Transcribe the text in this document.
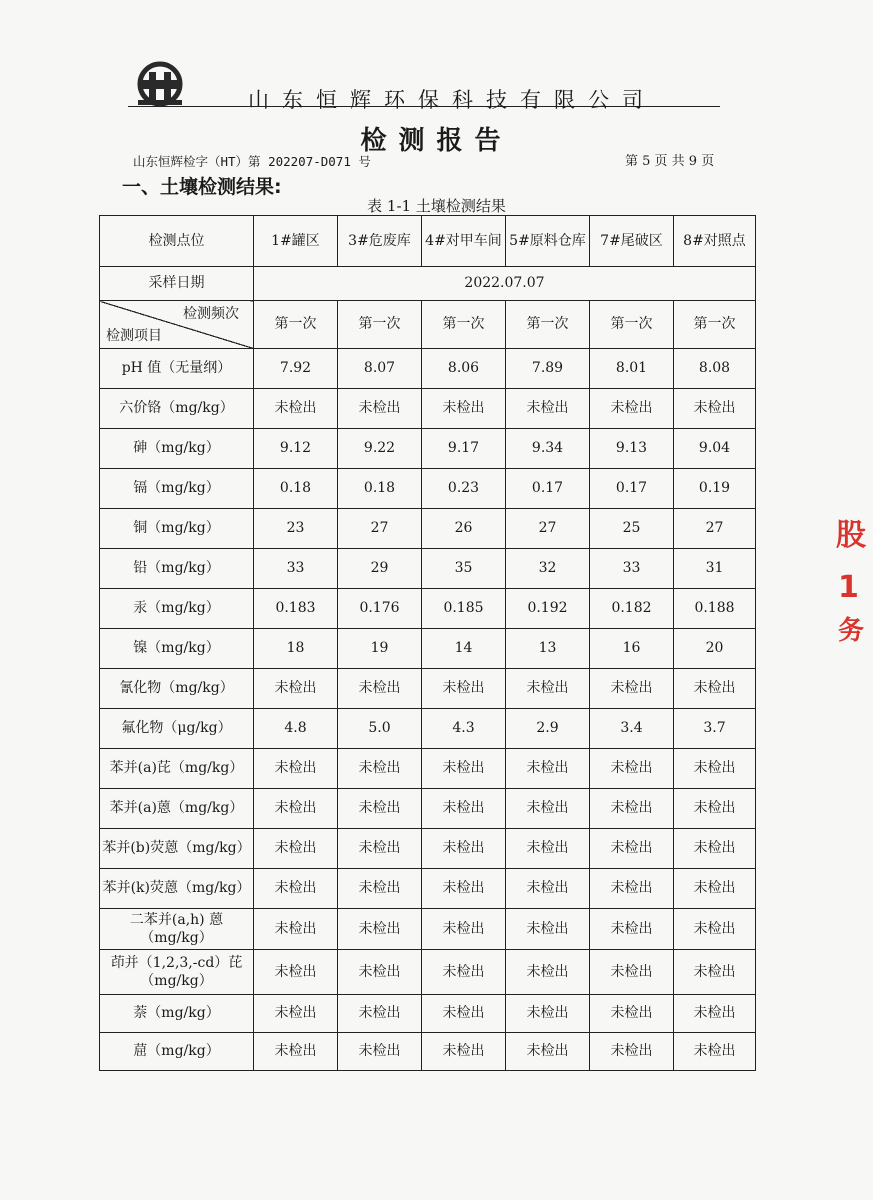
山东恒辉环保科技有限公司
检测报告
山东恒辉检字（HT）第 202207-D071 号	第 5 页 共 9 页
一、土壤检测结果:
表 1-1 土壤检测结果
股
1
务
检测点位	1#罐区	3#危废库	4#对甲车间	5#原料仓库	7#尾破区	8#对照点
采样日期	2022.07.07					

检测频次
检测项目	第一次	第一次	第一次	第一次	第一次	第一次
pH 值（无量纲）	7.92	8.07	8.06	7.89	8.01	8.08
六价铬（mg/kg）	未检出	未检出	未检出	未检出	未检出	未检出
砷（mg/kg）	9.12	9.22	9.17	9.34	9.13	9.04
镉（mg/kg）	0.18	0.18	0.23	0.17	0.17	0.19
铜（mg/kg）	23	27	26	27	25	27
铅（mg/kg）	33	29	35	32	33	31
汞（mg/kg）	0.183	0.176	0.185	0.192	0.182	0.188
镍（mg/kg）	18	19	14	13	16	20
氰化物（mg/kg）	未检出	未检出	未检出	未检出	未检出	未检出
氟化物（μg/kg）	4.8	5.0	4.3	2.9	3.4	3.7
苯并(a)芘（mg/kg）	未检出	未检出	未检出	未检出	未检出	未检出
苯并(a)蒽（mg/kg）	未检出	未检出	未检出	未检出	未检出	未检出
苯并(b)荧蒽（mg/kg）	未检出	未检出	未检出	未检出	未检出	未检出
苯并(k)荧蒽（mg/kg）	未检出	未检出	未检出	未检出	未检出	未检出
二苯并(a,h) 蒽（mg/kg）	未检出	未检出	未检出	未检出	未检出	未检出
茚并（1,2,3,-cd）芘（mg/kg）	未检出	未检出	未检出	未检出	未检出	未检出
萘（mg/kg）	未检出	未检出	未检出	未检出	未检出	未检出
䓛（mg/kg）	未检出	未检出	未检出	未检出	未检出	未检出
